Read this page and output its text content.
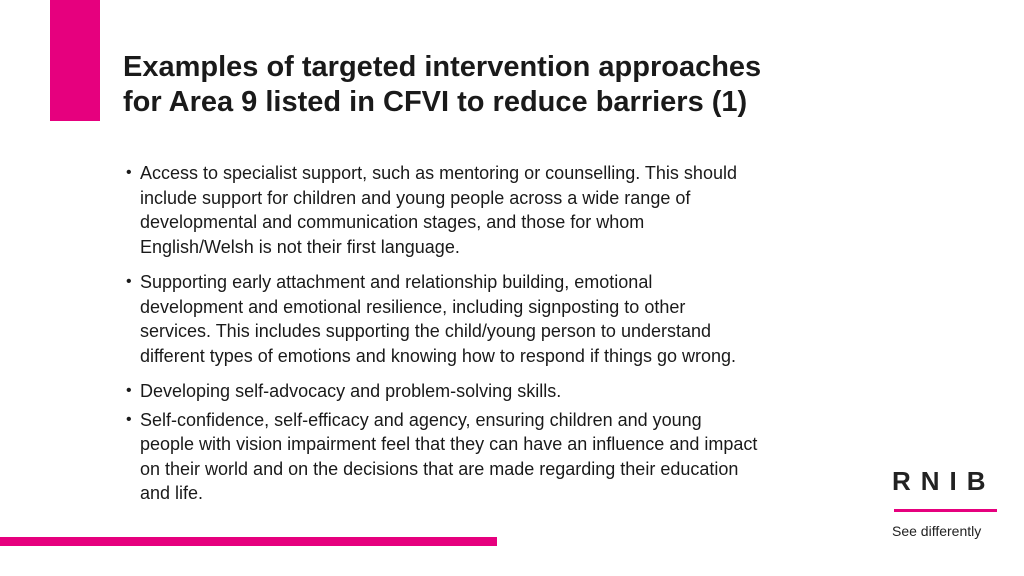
Examples of targeted intervention approaches
for Area 9 listed in CFVI to reduce barriers (1)
• Access to specialist support, such as mentoring or counselling. This should
include support for children and young people across a wide range of
developmental and communication stages, and those for whom
English/Welsh is not their first language.

• Supporting early attachment and relationship building, emotional
development and emotional resilience, including signposting to other
services. This includes supporting the child/young person to understand
different types of emotions and knowing how to respond if things go wrong.

• Developing self-advocacy and problem-solving skills.

• Self-confidence, self-efficacy and agency, ensuring children and young
people with vision impairment feel that they can have an influence and impact
on their world and on the decisions that are made regarding their education
and life.	RNIB

See differently
